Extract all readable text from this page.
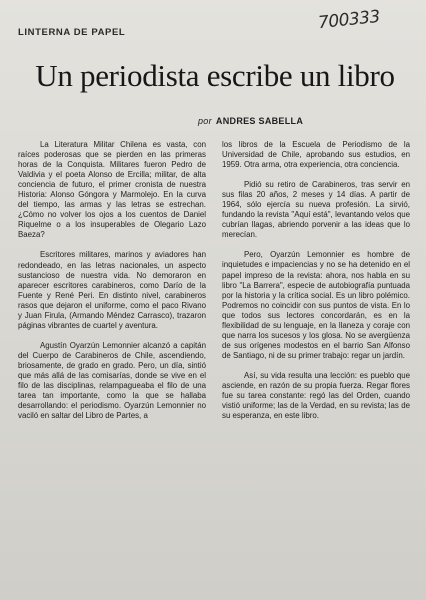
LINTERNA DE PAPEL	700333
Un periodista escribe un libro
por ANDRES SABELLA

La Literatura Militar Chilena es vasta, con raíces poderosas que se pierden en las primeras horas de la Conquista. Militares fueron Pedro de Valdivia y el poeta Alonso de Ercilla; militar, de alta conciencia de futuro, el primer cronista de nuestra Historia: Alonso Góngora y Marmolejo. En la curva del tiempo, las armas y las letras se estrechan. ¿Cómo no volver los ojos a los cuentos de Daniel Riquelme o a los insuperables de Olegario Lazo Baeza?

Escritores militares, marinos y aviadores han redondeado, en las letras nacionales, un aspecto sustancioso de nuestra vida. No demoraron en aparecer escritores carabineros, como Darío de la Fuente y René Peri. En distinto nivel, carabineros rasos que dejaron el uniforme, como el paco Rivano y Juan Firula, (Armando Méndez Carrasco), trazaron páginas vibrantes de cuartel y aventura.

Agustín Oyarzún Lemonnier alcanzó a capitán del Cuerpo de Carabineros de Chile, ascendiendo, briosamente, de grado en grado. Pero, un día, sintió que más allá de las comisarías, donde se vive en el filo de las disciplinas, relampagueaba el filo de una tarea tan importante, como la que se hallaba desarrollando: el periodismo. Oyarzún Lemonnier no vaciló en saltar del Libro de Partes, a

los libros de la Escuela de Periodismo de la Universidad de Chile, aprobando sus estudios, en 1959. Otra arma, otra experiencia, otra conciencia.

Pidió su retiro de Carabineros, tras servir en sus filas 20 años, 2 meses y 14 días. A partir de 1964, sólo ejercía su nueva profesión. La sirvió, fundando la revista "Aquí está", levantando velos que cubrían llagas, abriendo porvenir a las ideas que lo merecían.

Pero, Oyarzún Lemonnier es hombre de inquietudes e impaciencias y no se ha detenido en el papel impreso de la revista: ahora, nos habla en su libro "La Barrera", especie de autobiografía puntuada por la historia y la crítica social. Es un libro polémico. Podremos no coincidir con sus puntos de vista. En lo que todos sus lectores concordarán, es en la flexibilidad de su lenguaje, en la llaneza y coraje con que narra los sucesos y los glosa. No se avergüenza de sus orígenes modestos en el barrio San Alfonso de Santiago, ni de su primer trabajo: regar un jardín.

Así, su vida resulta una lección: es pueblo que asciende, en razón de su propia fuerza. Regar flores fue su tarea constante: regó las del Orden, cuando vistió uniforme; las de la Verdad, en su revista; las de su esperanza, en este libro.
